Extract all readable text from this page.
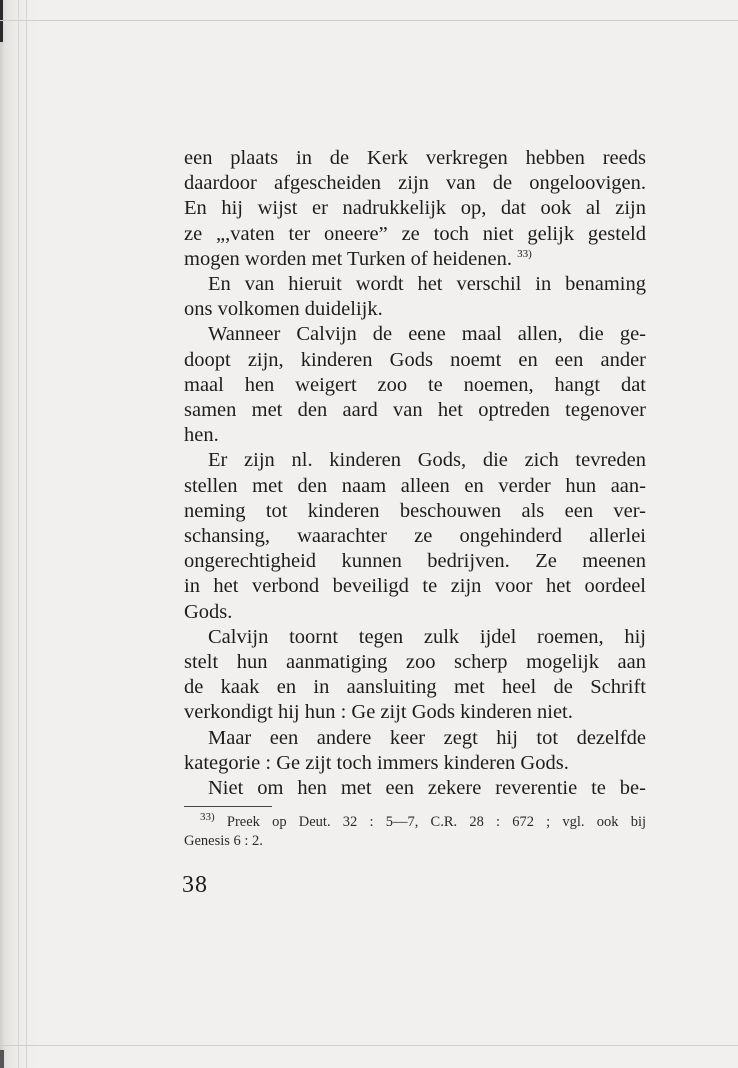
een plaats in de Kerk verkregen hebben reeds
daardoor afgescheiden zijn van de ongeloovigen.
En hij wijst er nadrukkelijk op, dat ook al zijn
ze „,vaten ter oneere” ze toch niet gelijk gesteld
mogen worden met Turken of heidenen. $^{33)}$
En van hieruit wordt het verschil in benaming
ons volkomen duidelijk.
Wanneer Calvijn de eene maal allen, die ge-
doopt zijn, kinderen Gods noemt en een ander
maal hen weigert zoo te noemen, hangt dat
samen met den aard van het optreden tegenover
hen.
Er zijn nl. kinderen Gods, die zich tevreden
stellen met den naam alleen en verder hun aan-
neming tot kinderen beschouwen als een ver-
schansing, waarachter ze ongehinderd allerlei
ongerechtigheid kunnen bedrijven. Ze meenen
in het verbond beveiligd te zijn voor het oordeel
Gods.
Calvijn toornt tegen zulk ijdel roemen, hij
stelt hun aanmatiging zoo scherp mogelijk aan
de kaak en in aansluiting met heel de Schrift
verkondigt hij hun : Ge zijt Gods kinderen niet.
Maar een andere keer zegt hij tot dezelfde
kategorie : Ge zijt toch immers kinderen Gods.
Niet om hen met een zekere reverentie te be-
$^{33)}$ Preek op Deut. 32 : 5—7, C.R. 28 : 672 ; vgl. ook bij
Genesis 6 : 2.
38
